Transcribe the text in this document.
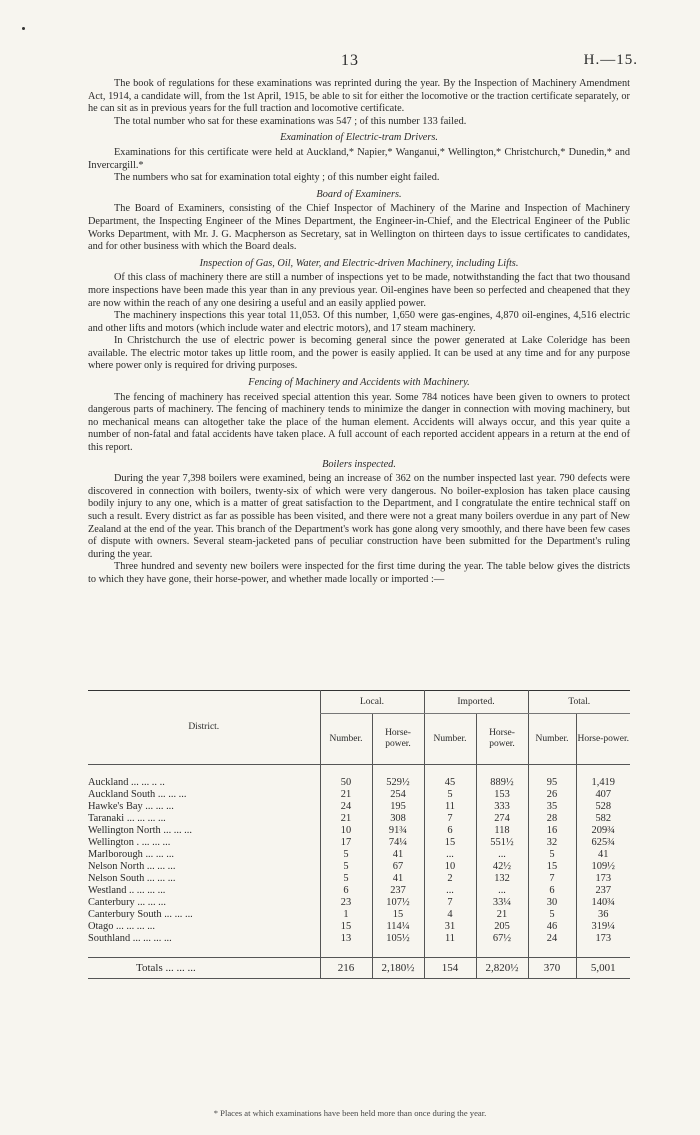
13	H.—15.

The book of regulations for these examinations was reprinted during the year. By the Inspection of Machinery Amendment Act, 1914, a candidate will, from the 1st April, 1915, be able to sit for either the locomotive or the traction certificate separately, or he can sit as in previous years for the full traction and locomotive certificate.

The total number who sat for these examinations was 547 ; of this number 133 failed.

Examination of Electric-tram Drivers.

Examinations for this certificate were held at Auckland,* Napier,* Wanganui,* Wellington,* Christchurch,* Dunedin,* and Invercargill.*

The numbers who sat for examination total eighty ; of this number eight failed.

Board of Examiners.

The Board of Examiners, consisting of the Chief Inspector of Machinery of the Marine and Inspection of Machinery Department, the Inspecting Engineer of the Mines Department, the Engineer-in-Chief, and the Electrical Engineer of the Public Works Department, with Mr. J. G. Macpherson as Secretary, sat in Wellington on thirteen days to issue certificates to candidates, and for other business with which the Board deals.

Inspection of Gas, Oil, Water, and Electric-driven Machinery, including Lifts.

Of this class of machinery there are still a number of inspections yet to be made, notwithstanding the fact that two thousand more inspections have been made this year than in any previous year. Oil-engines have been so perfected and cheapened that they are now within the reach of any one desiring a useful and an easily applied power.

The machinery inspections this year total 11,053. Of this number, 1,650 were gas-engines, 4,870 oil-engines, 4,516 electric and other lifts and motors (which include water and electric motors), and 17 steam machinery.

In Christchurch the use of electric power is becoming general since the power generated at Lake Coleridge has been available. The electric motor takes up little room, and the power is easily applied. It can be used at any time and for any purpose where power only is required for driving purposes.

Fencing of Machinery and Accidents with Machinery.

The fencing of machinery has received special attention this year. Some 784 notices have been given to owners to protect dangerous parts of machinery. The fencing of machinery tends to minimize the danger in connection with moving machinery, but no mechanical means can altogether take the place of the human element. Accidents will always occur, and this year quite a number of non-fatal and fatal accidents have taken place. A full account of each reported accident appears in a return at the end of this report.

Boilers inspected.

During the year 7,398 boilers were examined, being an increase of 362 on the number inspected last year. 790 defects were discovered in connection with boilers, twenty-six of which were very dangerous. No boiler-explosion has taken place causing bodily injury to any one, which is a matter of great satisfaction to the Department, and I congratulate the entire technical staff on such a result. Every district as far as possible has been visited, and there were not a great many boilers overdue in any part of New Zealand at the end of the year. This branch of the Department's work has gone along very smoothly, and there have been few cases of dispute with owners. Several steam-jacketed pans of peculiar construction have been submitted for the Department's ruling during the year.

Three hundred and seventy new boilers were inspected for the first time during the year. The table below gives the districts to which they have gone, their horse-power, and whether made locally or imported :—

District.	Local.		Imported.		Total.	
	Number.	Horse-power.	Number.	Horse-power.	Number.	Horse-power.

Auckland ... ... .. ..	50	529½	45	889½	95	1,419
Auckland South ... ... ...	21	254	5	153	26	407
Hawke's Bay ... ... ...	24	195	11	333	35	528
Taranaki ... ... ... ...	21	308	7	274	28	582
Wellington North ... ... ...	10	91¾	6	118	16	209¾
Wellington . ... ... ...	17	74¼	15	551½	32	625¾
Marlborough ... ... ...	5	41	...	...	5	41
Nelson North ... ... ...	5	67	10	42½	15	109½
Nelson South ... ... ...	5	41	2	132	7	173
Westland .. ... ... ...	6	237	...	...	6	237
Canterbury ... ... ...	23	107½	7	33¼	30	140¾
Canterbury South ... ... ...	1	15	4	21	5	36
Otago ... ... ... ...	15	114¼	31	205	46	319¼
Southland ... ... ... ...	13	105½	11	67½	24	173

Totals ... ... ...	216	2,180½	154	2,820½	370	5,001
* Places at which examinations have been held more than once during the year.
